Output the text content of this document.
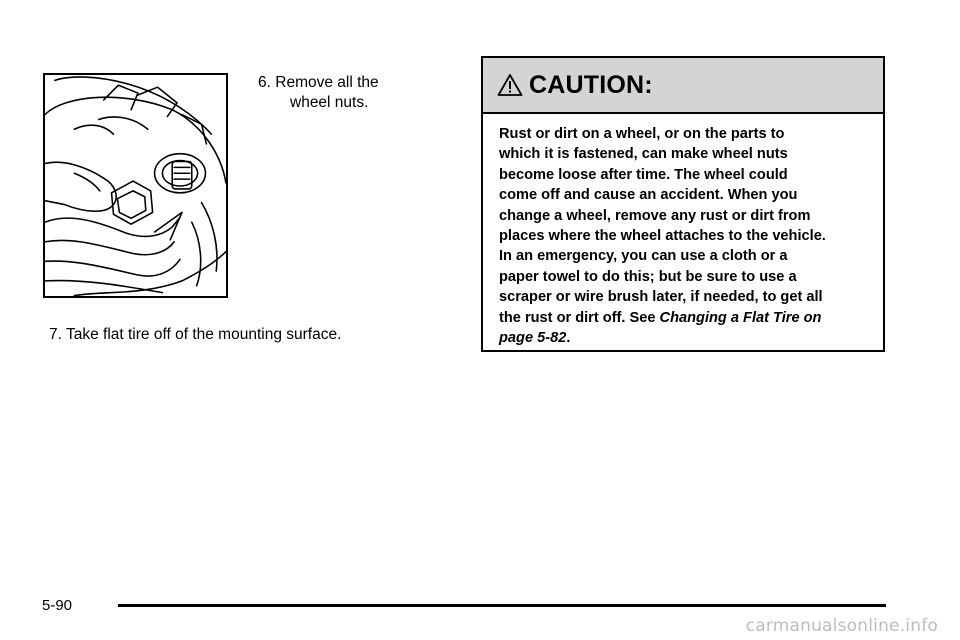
6. Remove all the
wheel nuts.
7. Take flat tire off of the mounting surface.
CAUTION:
Rust or dirt on a wheel, or on the parts to
which it is fastened, can make wheel nuts
become loose after time. The wheel could
come off and cause an accident. When you
change a wheel, remove any rust or dirt from
places where the wheel attaches to the vehicle.
In an emergency, you can use a cloth or a
paper towel to do this; but be sure to use a
scraper or wire brush later, if needed, to get all
the rust or dirt off. See Changing a Flat Tire on
page 5-82.
5-90
carmanualsonline.info
